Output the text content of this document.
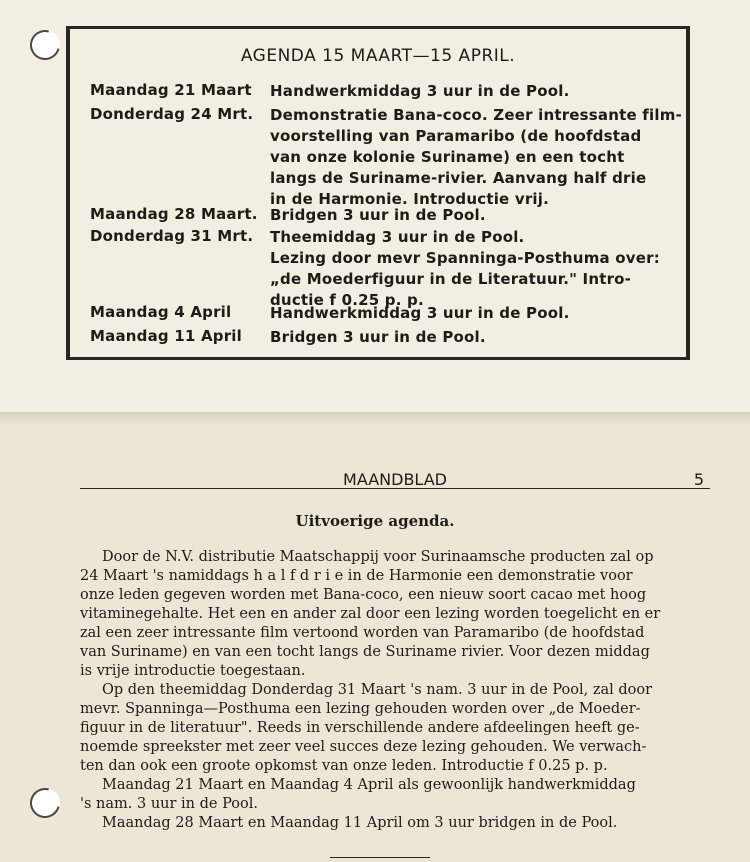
AGENDA 15 MAART—15 APRIL.
Maandag 21 Maart	Handwerkmiddag 3 uur in de Pool.
Donderdag 24 Mrt.	Demonstratie Bana-coco. Zeer intressante film-
voorstelling van Paramaribo (de hoofdstad
van onze kolonie Suriname) en een tocht
langs de Suriname-rivier. Aanvang half drie
in de Harmonie. Introductie vrij.
Maandag 28 Maart. Bridgen 3 uur in de Pool.
Donderdag 31 Mrt.	Theemiddag 3 uur in de Pool.
Lezing door mevr Spanninga-Posthuma over:
„de Moederfiguur in de Literatuur." Intro-
ductie f 0.25 p. p.
Maandag 4 April	Handwerkmiddag 3 uur in de Pool.
Maandag 11 April	Bridgen 3 uur in de Pool.
MAANDBLAD	5
Uitvoerige agenda.
Door de N.V. distributie Maatschappij voor Surinaamsche producten zal op
24 Maart 's namiddags h a l f d r i e in de Harmonie een demonstratie voor
onze leden gegeven worden met Bana-coco, een nieuw soort cacao met hoog
vitaminegehalte. Het een en ander zal door een lezing worden toegelicht en er
zal een zeer intressante film vertoond worden van Paramaribo (de hoofdstad
van Suriname) en van een tocht langs de Suriname rivier. Voor dezen middag
is vrije introductie toegestaan.
Op den theemiddag Donderdag 31 Maart 's nam. 3 uur in de Pool, zal door
mevr. Spanninga—Posthuma een lezing gehouden worden over „de Moeder-
figuur in de literatuur". Reeds in verschillende andere afdeelingen heeft ge-
noemde spreekster met zeer veel succes deze lezing gehouden. We verwach-
ten dan ook een groote opkomst van onze leden. Introductie f 0.25 p. p.
Maandag 21 Maart en Maandag 4 April als gewoonlijk handwerkmiddag
's nam. 3 uur in de Pool.
Maandag 28 Maart en Maandag 11 April om 3 uur bridgen in de Pool.
